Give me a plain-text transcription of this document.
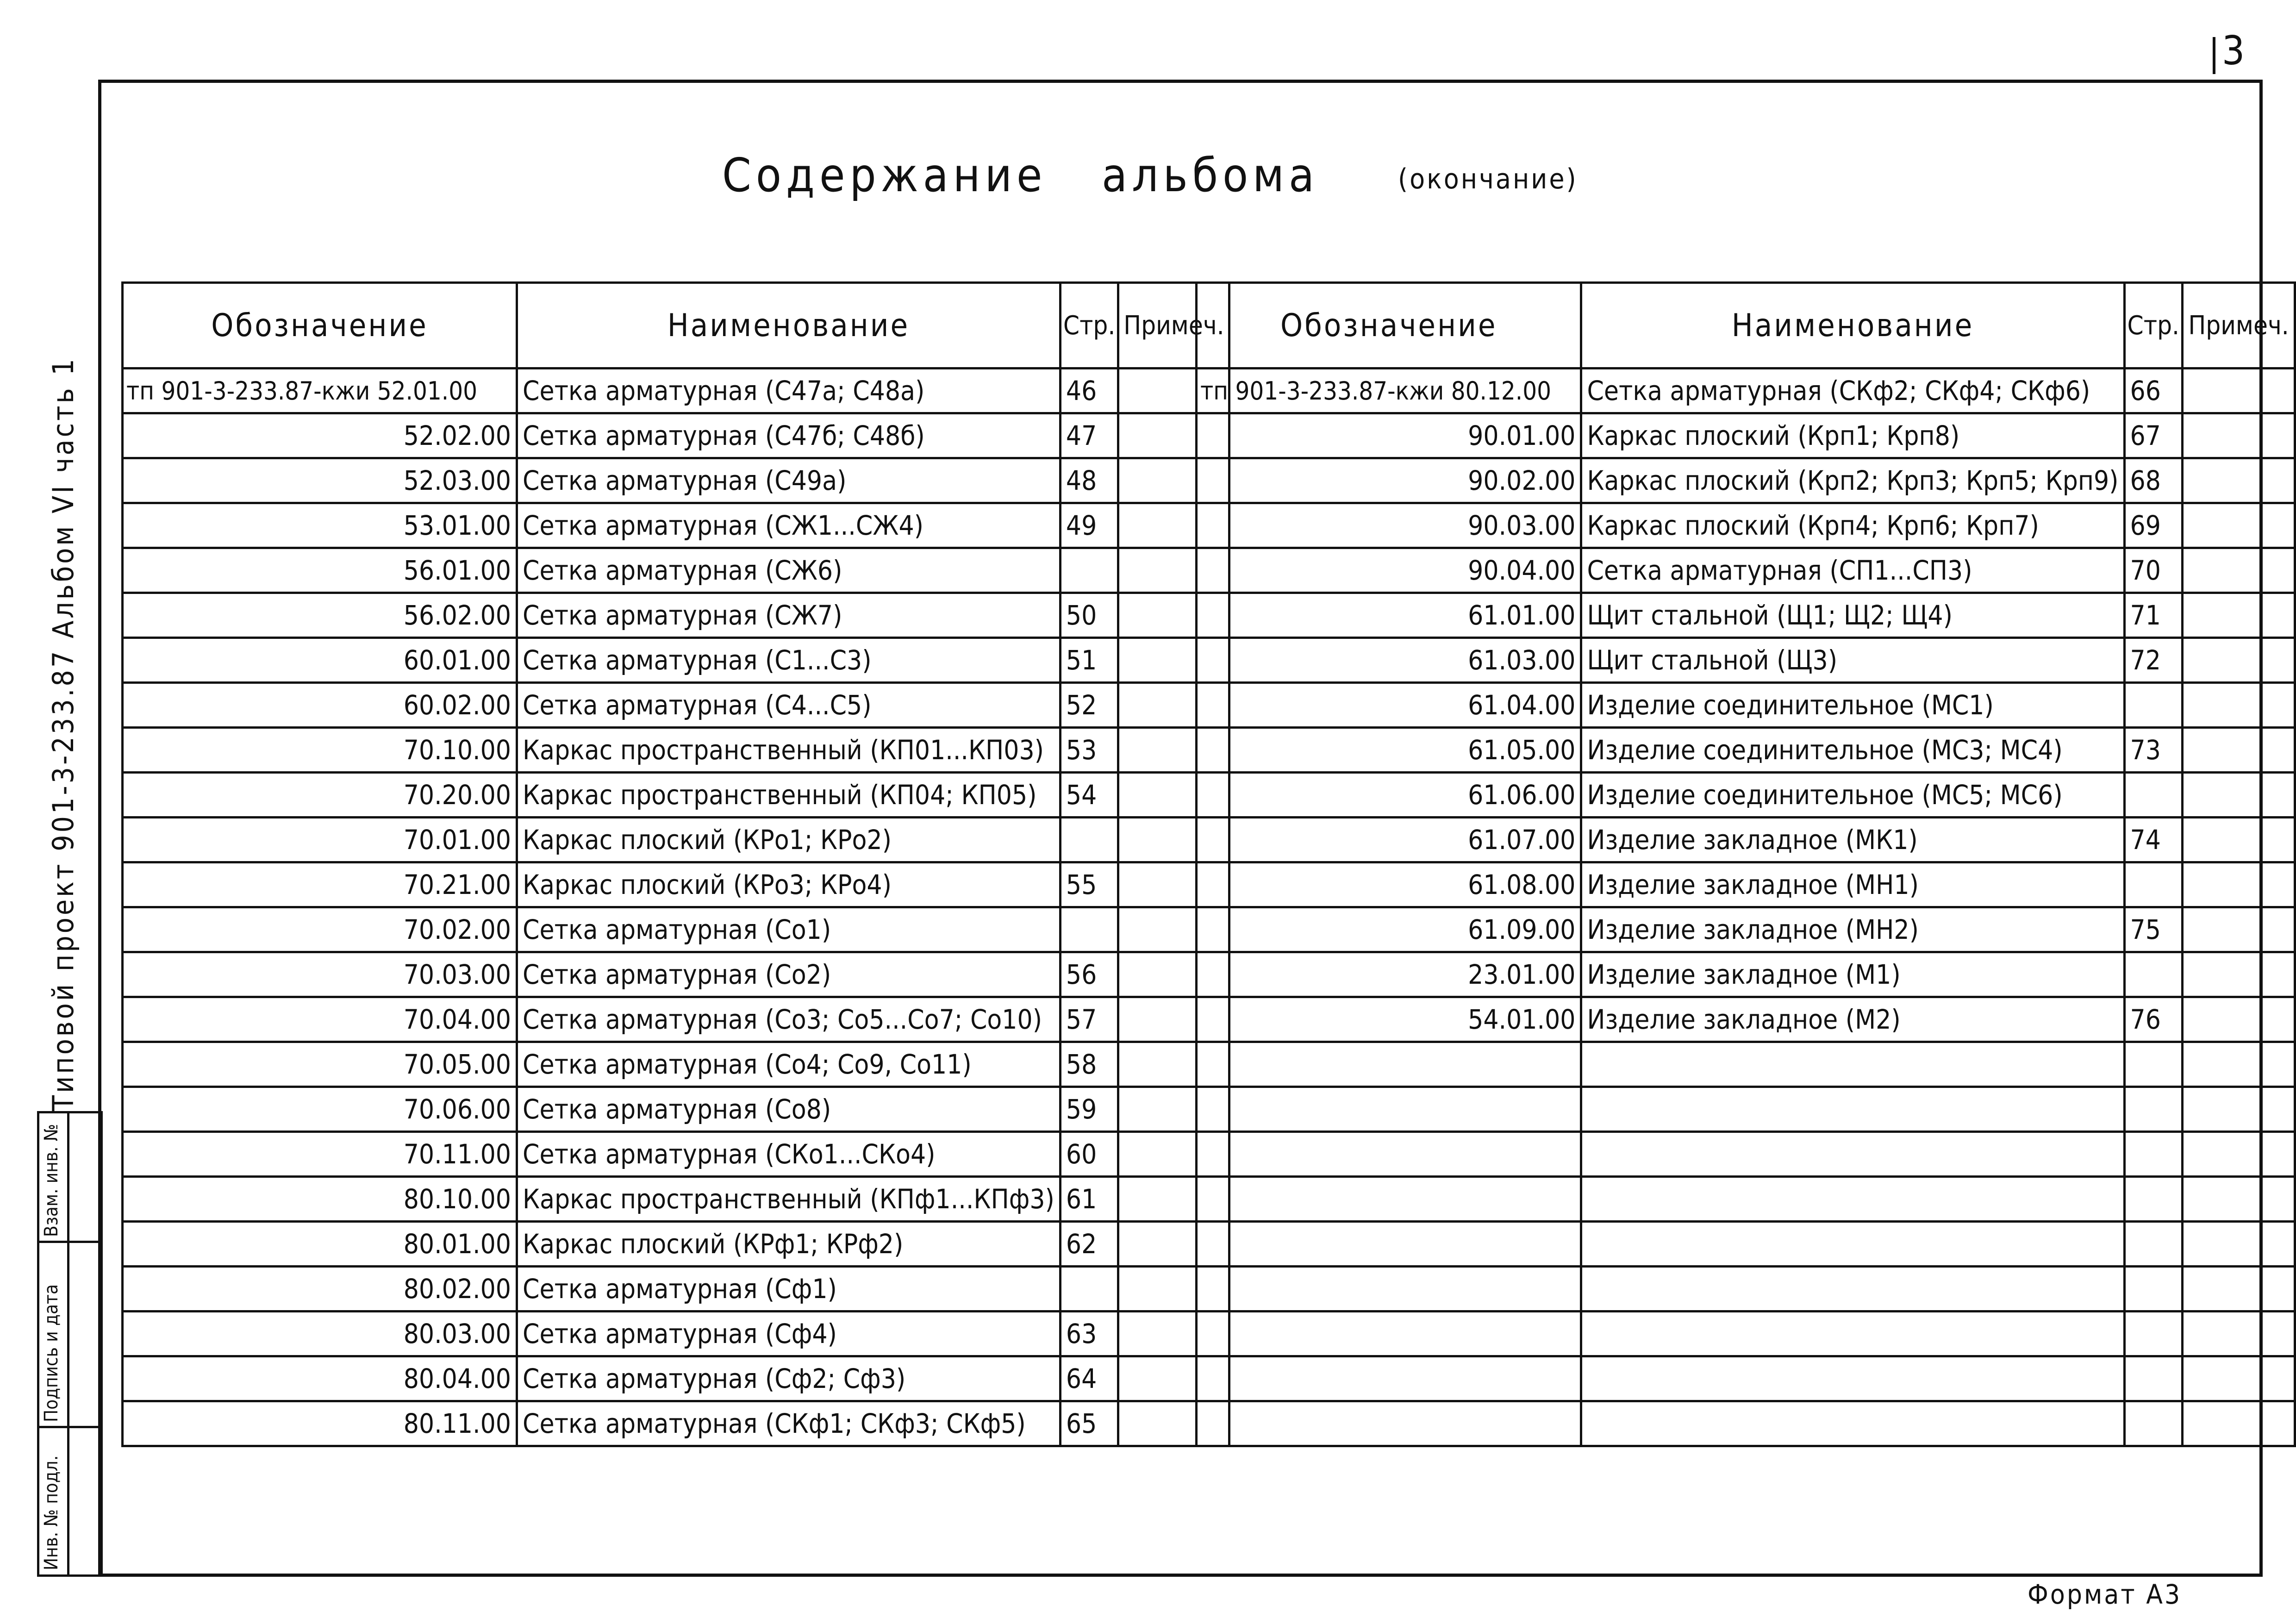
3
Содержание альбома	(окончание)
Обозначение	Наименование	Стр.	Примеч.
тп 901-3-233.87-кжи 52.01.00	Сетка арматурная (С47а; С48а)	46	
52.02.00	Сетка арматурная (С47б; С48б)	47	
52.03.00	Сетка арматурная (С49а)	48	
53.01.00	Сетка арматурная (СЖ1...СЖ4)	49	
56.01.00	Сетка арматурная (СЖ6)		
56.02.00	Сетка арматурная (СЖ7)	50	
60.01.00	Сетка арматурная (С1...С3)	51	
60.02.00	Сетка арматурная (С4...С5)	52	
70.10.00	Каркас пространственный (КП01...КП03)	53	
70.20.00	Каркас пространственный (КП04; КП05)	54	
70.01.00	Каркас плоский (КРо1; КРо2)		
70.21.00	Каркас плоский (КРо3; КРо4)	55	
70.02.00	Сетка арматурная (Со1)		
70.03.00	Сетка арматурная (Со2)	56	
70.04.00	Сетка арматурная (Со3; Со5...Со7; Со10)	57	
70.05.00	Сетка арматурная (Со4; Со9, Со11)	58	
70.06.00	Сетка арматурная (Со8)	59	
70.11.00	Сетка арматурная (СКо1...СКо4)	60	
80.10.00	Каркас пространственный (КПф1...КПф3)	61	
80.01.00	Каркас плоский (КРф1; КРф2)	62	
80.02.00	Сетка арматурная (Сф1)		
80.03.00	Сетка арматурная (Сф4)	63	
80.04.00	Сетка арматурная (Сф2; Сф3)	64	
80.11.00	Сетка арматурная (СКф1; СКф3; СКф5)	65	
Обозначение	Наименование	Стр.	Примеч.
тп 901-3-233.87-кжи 80.12.00	Сетка арматурная (СКф2; СКф4; СКф6)	66	
90.01.00	Каркас плоский (Крп1; Крп8)	67	
90.02.00	Каркас плоский (Крп2; Крп3; Крп5; Крп9)	68	
90.03.00	Каркас плоский (Крп4; Крп6; Крп7)	69	
90.04.00	Сетка арматурная (СП1...СП3)	70	
61.01.00	Щит стальной (Щ1; Щ2; Щ4)	71	
61.03.00	Щит стальной (Щ3)	72	
61.04.00	Изделие соединительное (МС1)		
61.05.00	Изделие соединительное (МС3; МС4)	73	
61.06.00	Изделие соединительное (МС5; МС6)		
61.07.00	Изделие закладное (МК1)	74	
61.08.00	Изделие закладное (МН1)		
61.09.00	Изделие закладное (МН2)	75	
23.01.00	Изделие закладное (М1)		
54.01.00	Изделие закладное (М2)	76	

Типовой проект 901-3-233.87 Альбом VI часть 1
Взам. инв. №
Подпись и дата
Инв. № подл.
Формат А3
